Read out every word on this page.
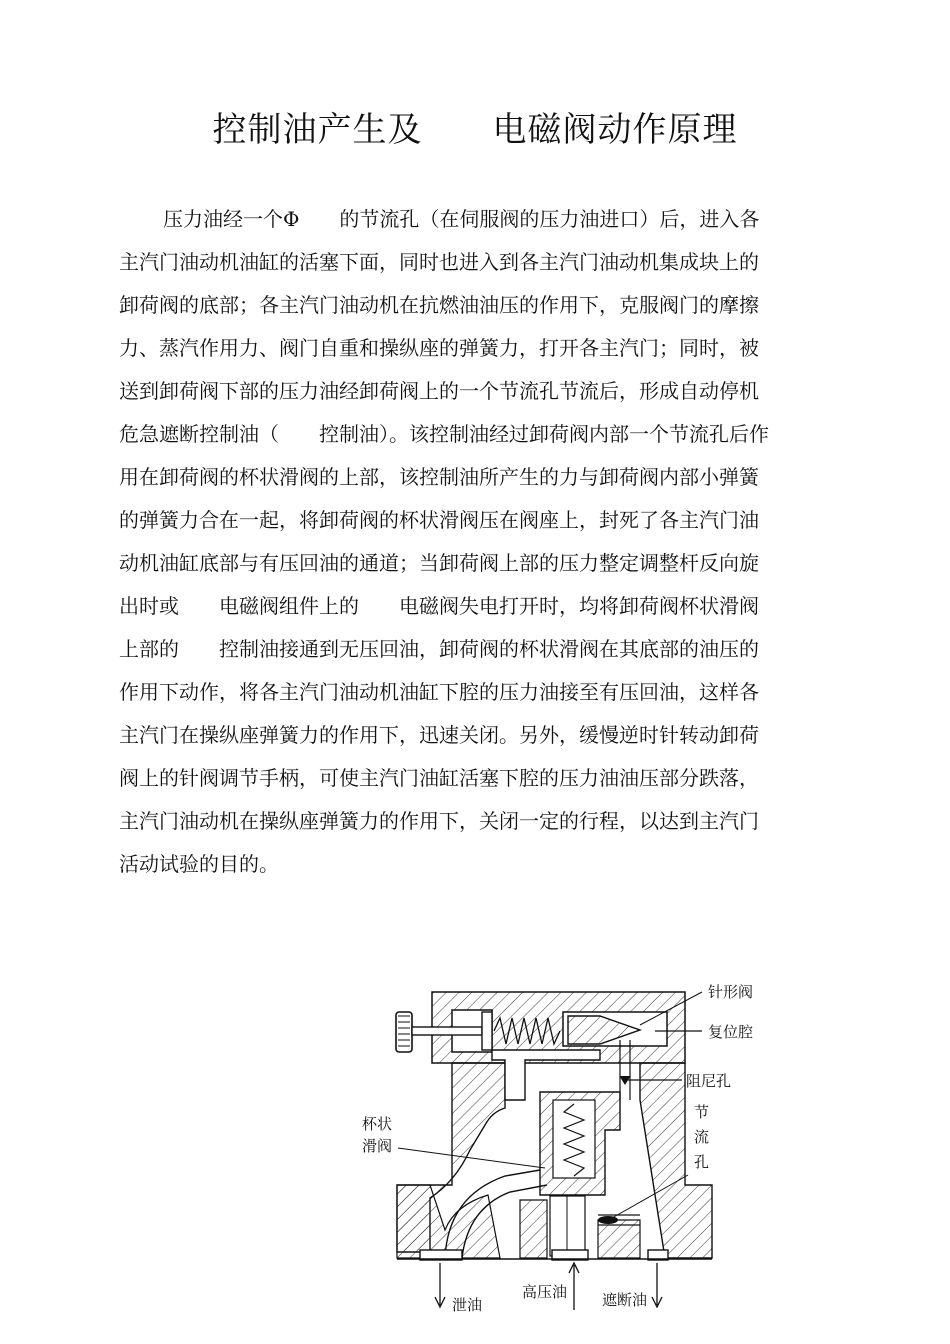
控制油产生及　　电磁阀动作原理
压力油经一个Φ　　的节流孔（在伺服阀的压力油进口）后，进入各
主汽门油动机油缸的活塞下面，同时也进入到各主汽门油动机集成块上的
卸荷阀的底部；各主汽门油动机在抗燃油油压的作用下，克服阀门的摩擦
力、蒸汽作用力、阀门自重和操纵座的弹簧力，打开各主汽门；同时，被
送到卸荷阀下部的压力油经卸荷阀上的一个节流孔节流后，形成自动停机
危急遮断控制油（　　控制油）。该控制油经过卸荷阀内部一个节流孔后作
用在卸荷阀的杯状滑阀的上部，该控制油所产生的力与卸荷阀内部小弹簧
的弹簧力合在一起，将卸荷阀的杯状滑阀压在阀座上，封死了各主汽门油
动机油缸底部与有压回油的通道；当卸荷阀上部的压力整定调整杆反向旋
出时或　　电磁阀组件上的　　电磁阀失电打开时，均将卸荷阀杯状滑阀
上部的　　控制油接通到无压回油，卸荷阀的杯状滑阀在其底部的油压的
作用下动作，将各主汽门油动机油缸下腔的压力油接至有压回油，这样各
主汽门在操纵座弹簧力的作用下，迅速关闭。另外，缓慢逆时针转动卸荷
阀上的针阀调节手柄，可使主汽门油缸活塞下腔的压力油油压部分跌落，
主汽门油动机在操纵座弹簧力的作用下，关闭一定的行程，以达到主汽门
活动试验的目的。
针形阀
复位腔
阻尼孔
节
流
孔
杯状
滑阀
泄油
高压油 遮断油
